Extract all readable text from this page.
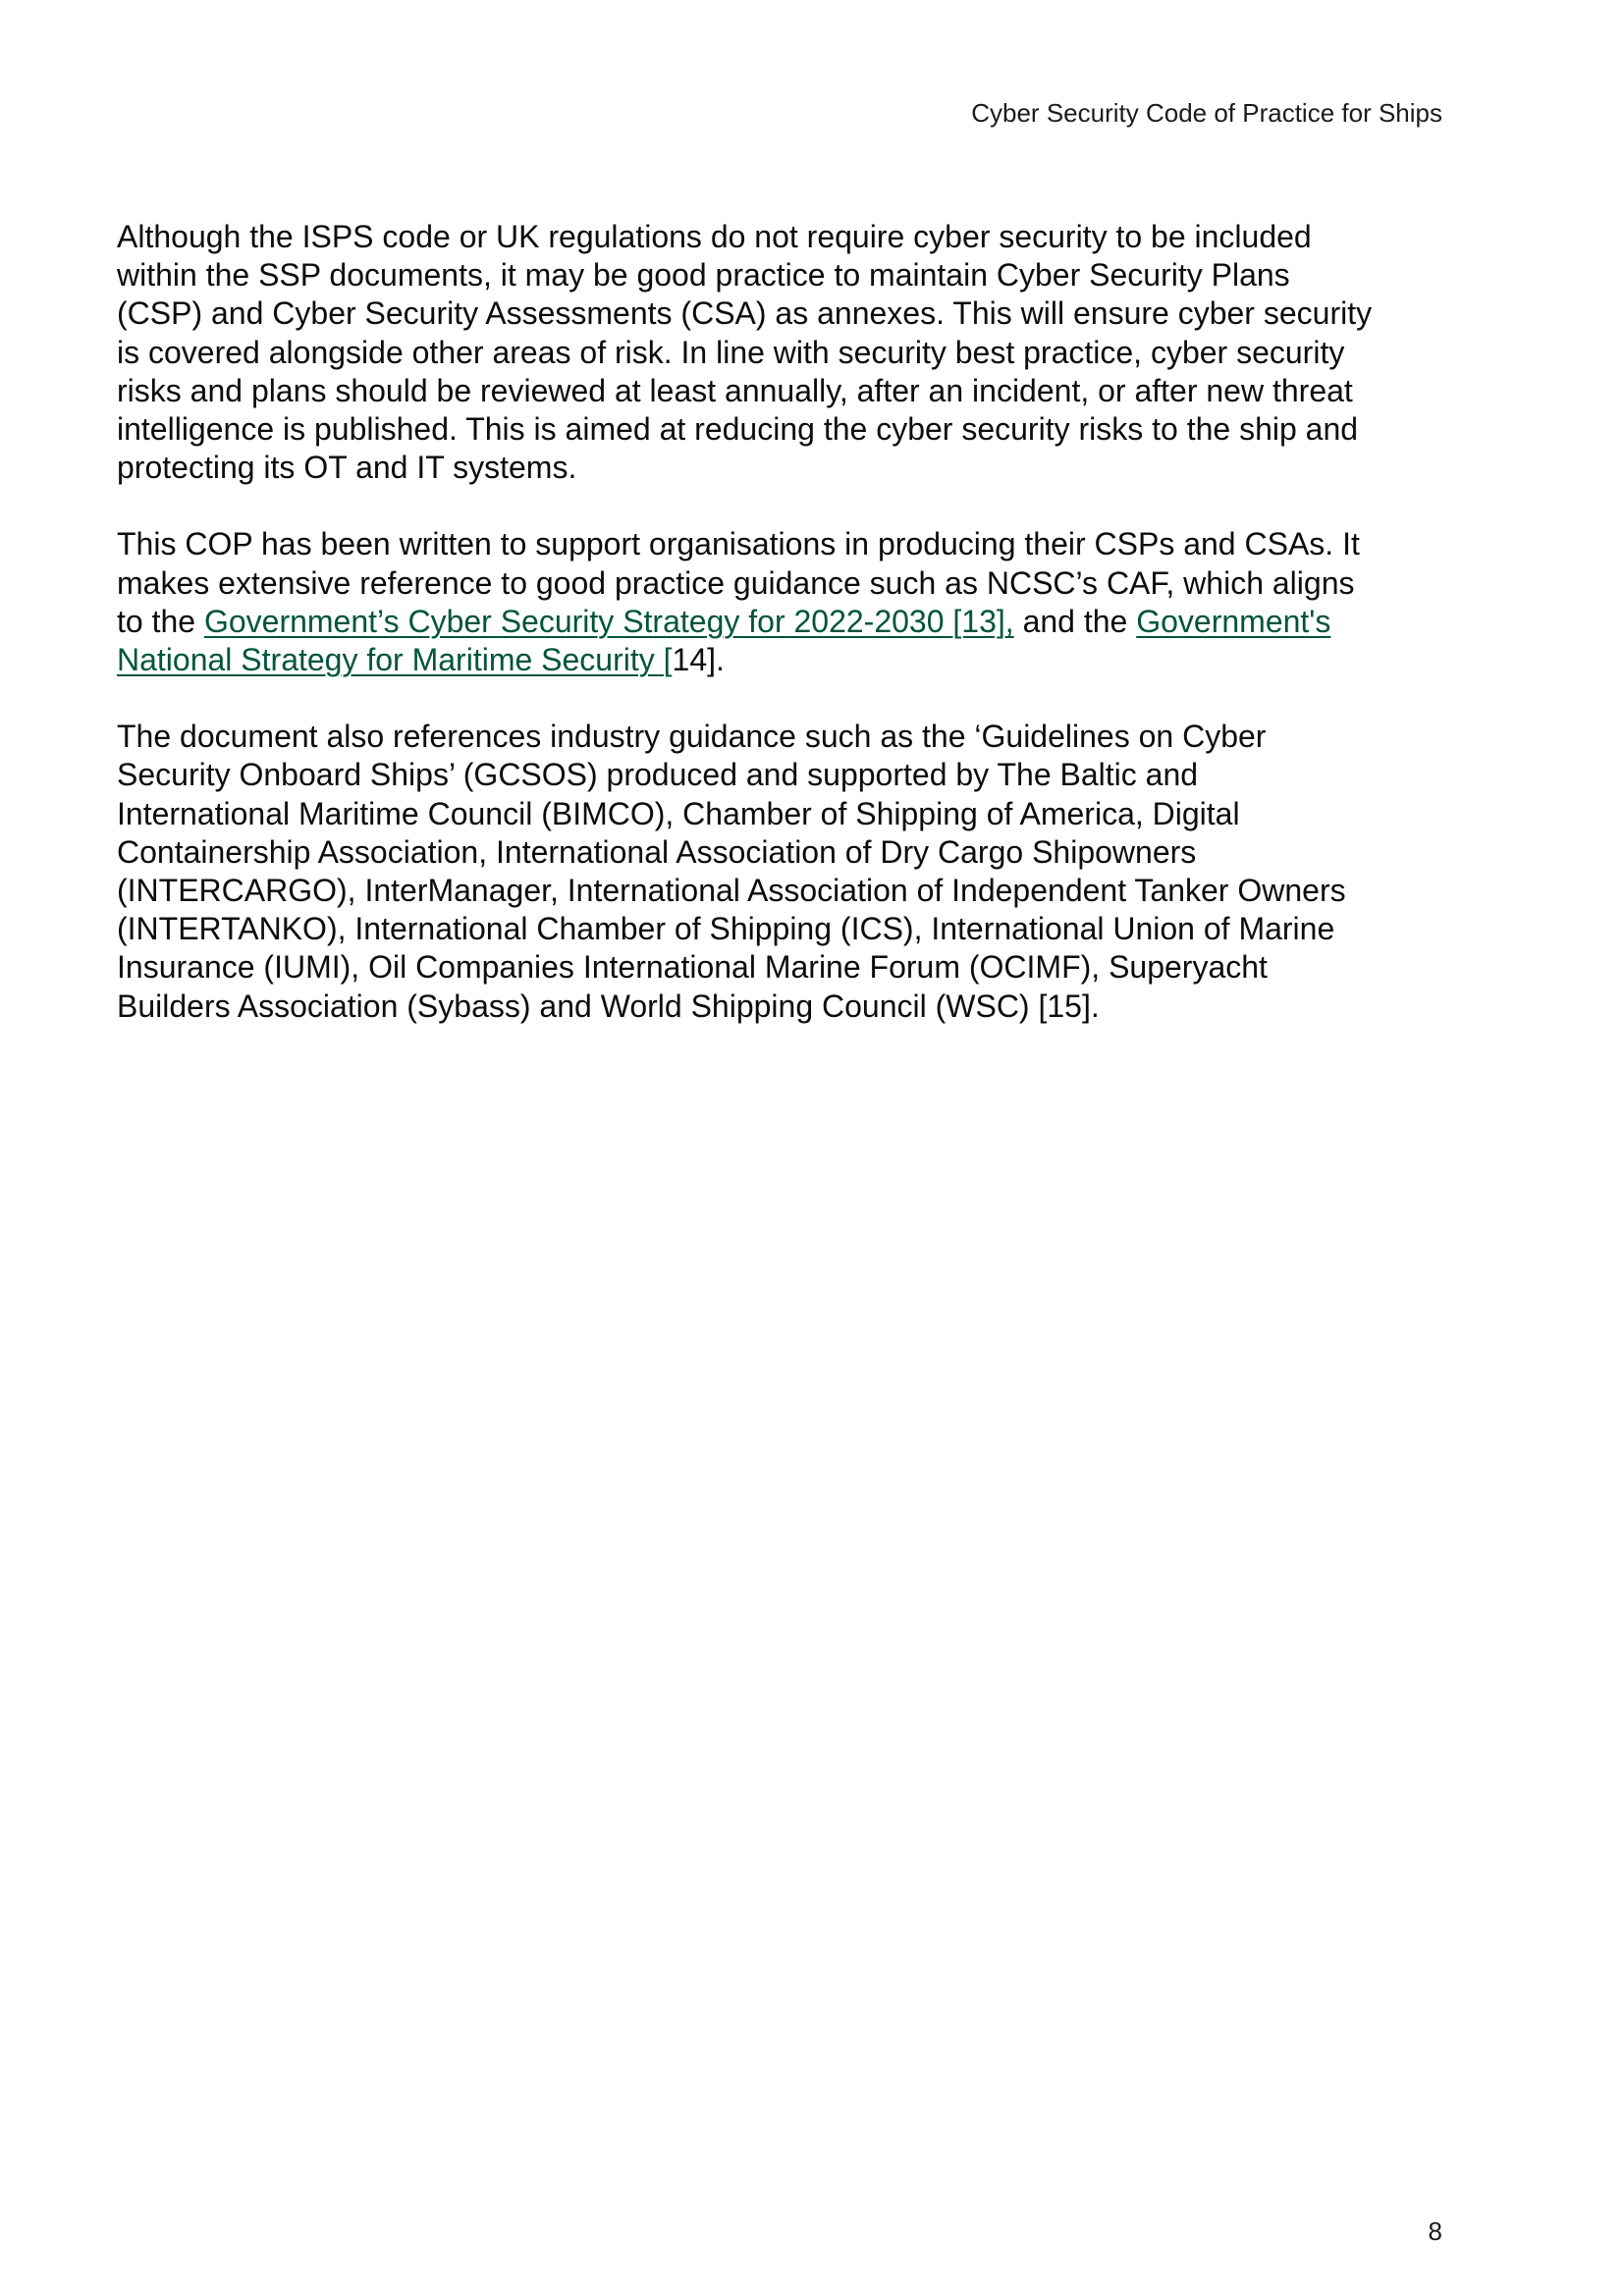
Cyber Security Code of Practice for Ships

Although the ISPS code or UK regulations do not require cyber security to be included
within the SSP documents, it may be good practice to maintain Cyber Security Plans
(CSP) and Cyber Security Assessments (CSA) as annexes. This will ensure cyber security
is covered alongside other areas of risk. In line with security best practice, cyber security
risks and plans should be reviewed at least annually, after an incident, or after new threat
intelligence is published. This is aimed at reducing the cyber security risks to the ship and
protecting its OT and IT systems.

This COP has been written to support organisations in producing their CSPs and CSAs. It
makes extensive reference to good practice guidance such as NCSC’s CAF, which aligns
to the Government’s Cyber Security Strategy for 2022-2030 [13], and the Government's
National Strategy for Maritime Security [14].

The document also references industry guidance such as the ‘Guidelines on Cyber
Security Onboard Ships’ (GCSOS) produced and supported by The Baltic and
International Maritime Council (BIMCO), Chamber of Shipping of America, Digital
Containership Association, International Association of Dry Cargo Shipowners
(INTERCARGO), InterManager, International Association of Independent Tanker Owners
(INTERTANKO), International Chamber of Shipping (ICS), International Union of Marine
Insurance (IUMI), Oil Companies International Marine Forum (OCIMF), Superyacht
Builders Association (Sybass) and World Shipping Council (WSC) [15].

8
